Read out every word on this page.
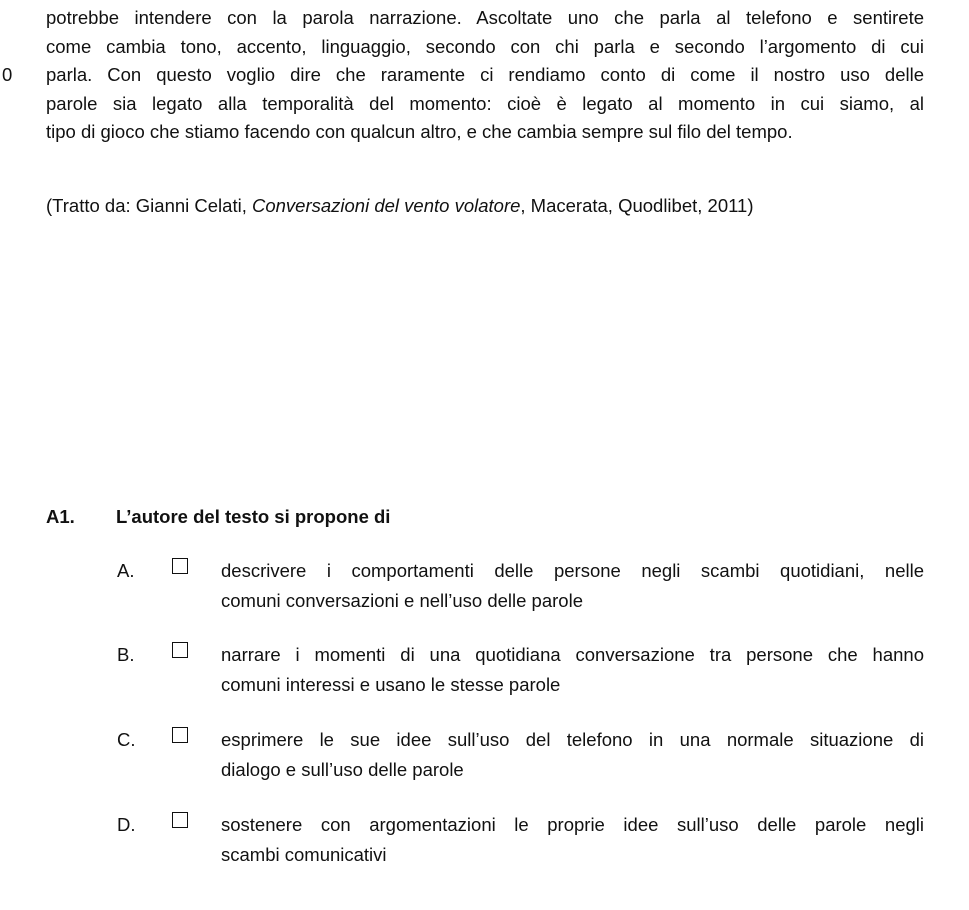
0
potrebbe intendere con la parola narrazione. Ascoltate uno che parla al telefono e sentirete
come cambia tono, accento, linguaggio, secondo con chi parla e secondo l’argomento di cui
parla. Con questo voglio dire che raramente ci rendiamo conto di come il nostro uso delle
parole sia legato alla temporalità del momento: cioè è legato al momento in cui siamo, al
tipo di gioco che stiamo facendo con qualcun altro, e che cambia sempre sul filo del tempo.
(Tratto da: Gianni Celati, Conversazioni del vento volatore, Macerata, Quodlibet, 2011)
A1. L’autore del testo si propone di
A.	descrivere i comportamenti delle persone negli scambi quotidiani, nelle
comuni conversazioni e nell’uso delle parole
B.	narrare i momenti di una quotidiana conversazione tra persone che hanno
comuni interessi e usano le stesse parole
C.	esprimere le sue idee sull’uso del telefono in una normale situazione di
dialogo e sull’uso delle parole
D.	sostenere con argomentazioni le proprie idee sull’uso delle parole negli
scambi comunicativi
